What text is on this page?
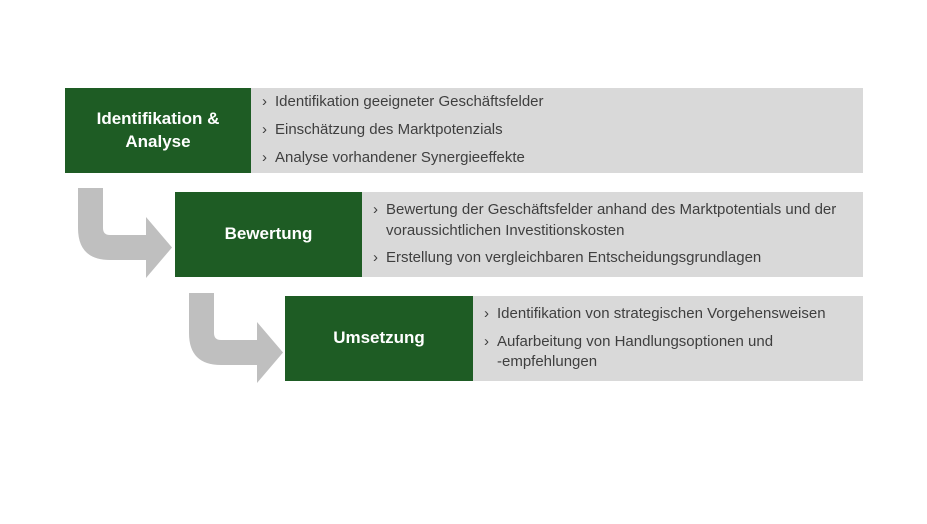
Identifikation & Analyse
› Identifikation geeigneter Geschäftsfelder
› Einschätzung des Marktpotenzials
› Analyse vorhandener Synergieeffekte
Bewertung
› Bewertung der Geschäftsfelder anhand des Marktpotentials und der voraussichtlichen Investitionskosten
› Erstellung von vergleichbaren Entscheidungsgrundlagen
Umsetzung
› Identifikation von strategischen Vorgehensweisen
› Aufarbeitung von Handlungsoptionen und ‑empfehlungen
